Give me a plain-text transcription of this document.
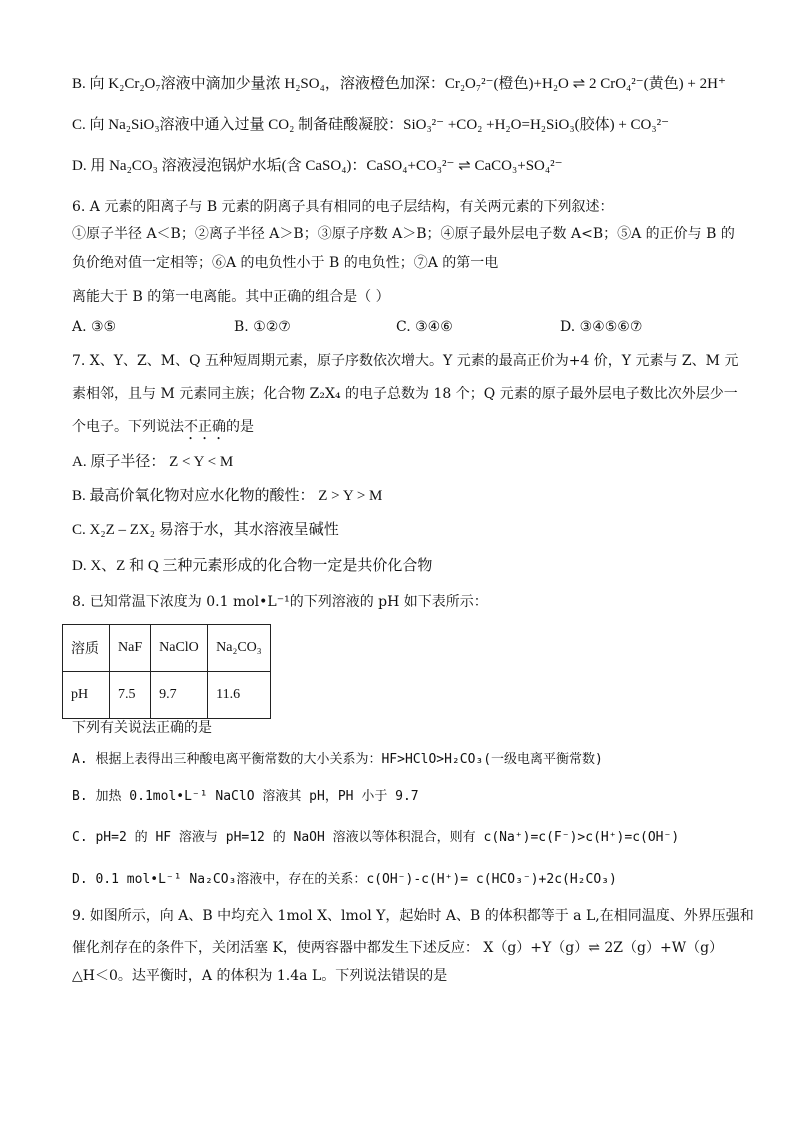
B. 向 K₂Cr₂O₇溶液中滴加少量浓 H₂SO₄，溶液橙色加深：Cr₂O₇²⁻(橙色)+H₂O ⇌ 2 CrO₄²⁻(黄色) + 2H⁺
C. 向 Na₂SiO₃溶液中通入过量 CO₂ 制备硅酸凝胶：SiO₃²⁻ +CO₂ +H₂O=H₂SiO₃(胶体) + CO₃²⁻
D. 用 Na₂CO₃ 溶液浸泡锅炉水垢(含 CaSO₄)：CaSO₄+CO₃²⁻ ⇌ CaCO₃+SO₄²⁻
6. A 元素的阳离子与 B 元素的阴离子具有相同的电子层结构，有关两元素的下列叙述：
①原子半径 A＜B；②离子半径 A＞B；③原子序数 A＞B；④原子最外层电子数 A<B；⑤A 的正价与 B 的
负价绝对值一定相等；⑥A 的电负性小于 B 的电负性；⑦A 的第一电
离能大于 B 的第一电离能。其中正确的组合是（ ）
A. ③⑤	B. ①②⑦	C. ③④⑥	D. ③④⑤⑥⑦
7. X、Y、Z、M、Q 五种短周期元素，原子序数依次增大。Y 元素的最高正价为+4 价，Y 元素与 Z、M 元
素相邻，且与 M 元素同主族；化合物 Z₂X₄ 的电子总数为 18 个；Q 元素的原子最外层电子数比次外层少一
个电子。下列说法不正确的是
A. 原子半径： Z < Y < M
B. 最高价氧化物对应水化物的酸性： Z > Y > M
C. X₂Z – ZX₂ 易溶于水，其水溶液呈碱性
D. X、Z 和 Q 三种元素形成的化合物一定是共价化合物
8. 已知常温下浓度为 0.1 mol•L⁻¹的下列溶液的 pH 如下表所示：
溶质	NaF	NaClO	Na₂CO₃
pH	7.5	9.7	11.6
下列有关说法正确的是
A. 根据上表得出三种酸电离平衡常数的大小关系为：HF>HClO>H₂CO₃(一级电离平衡常数)
B. 加热 0.1mol•L⁻¹ NaClO 溶液其 pH，PH 小于 9.7
C. pH=2 的 HF 溶液与 pH=12 的 NaOH 溶液以等体积混合，则有 c(Na⁺)=c(F⁻)>c(H⁺)=c(OH⁻)
D. 0.1 mol•L⁻¹ Na₂CO₃溶液中，存在的关系：c(OH⁻)-c(H⁺)= c(HCO₃⁻)+2c(H₂CO₃)
9. 如图所示，向 A、B 中均充入 1mol X、lmol Y，起始时 A、B 的体积都等于 a L,在相同温度、外界压强和
催化剂存在的条件下，关闭活塞 K，使两容器中都发生下述反应： X（g）+Y（g）⇌ 2Z（g）+W（g）
△H＜0。达平衡时，A 的体积为 1.4a L。下列说法错误的是
